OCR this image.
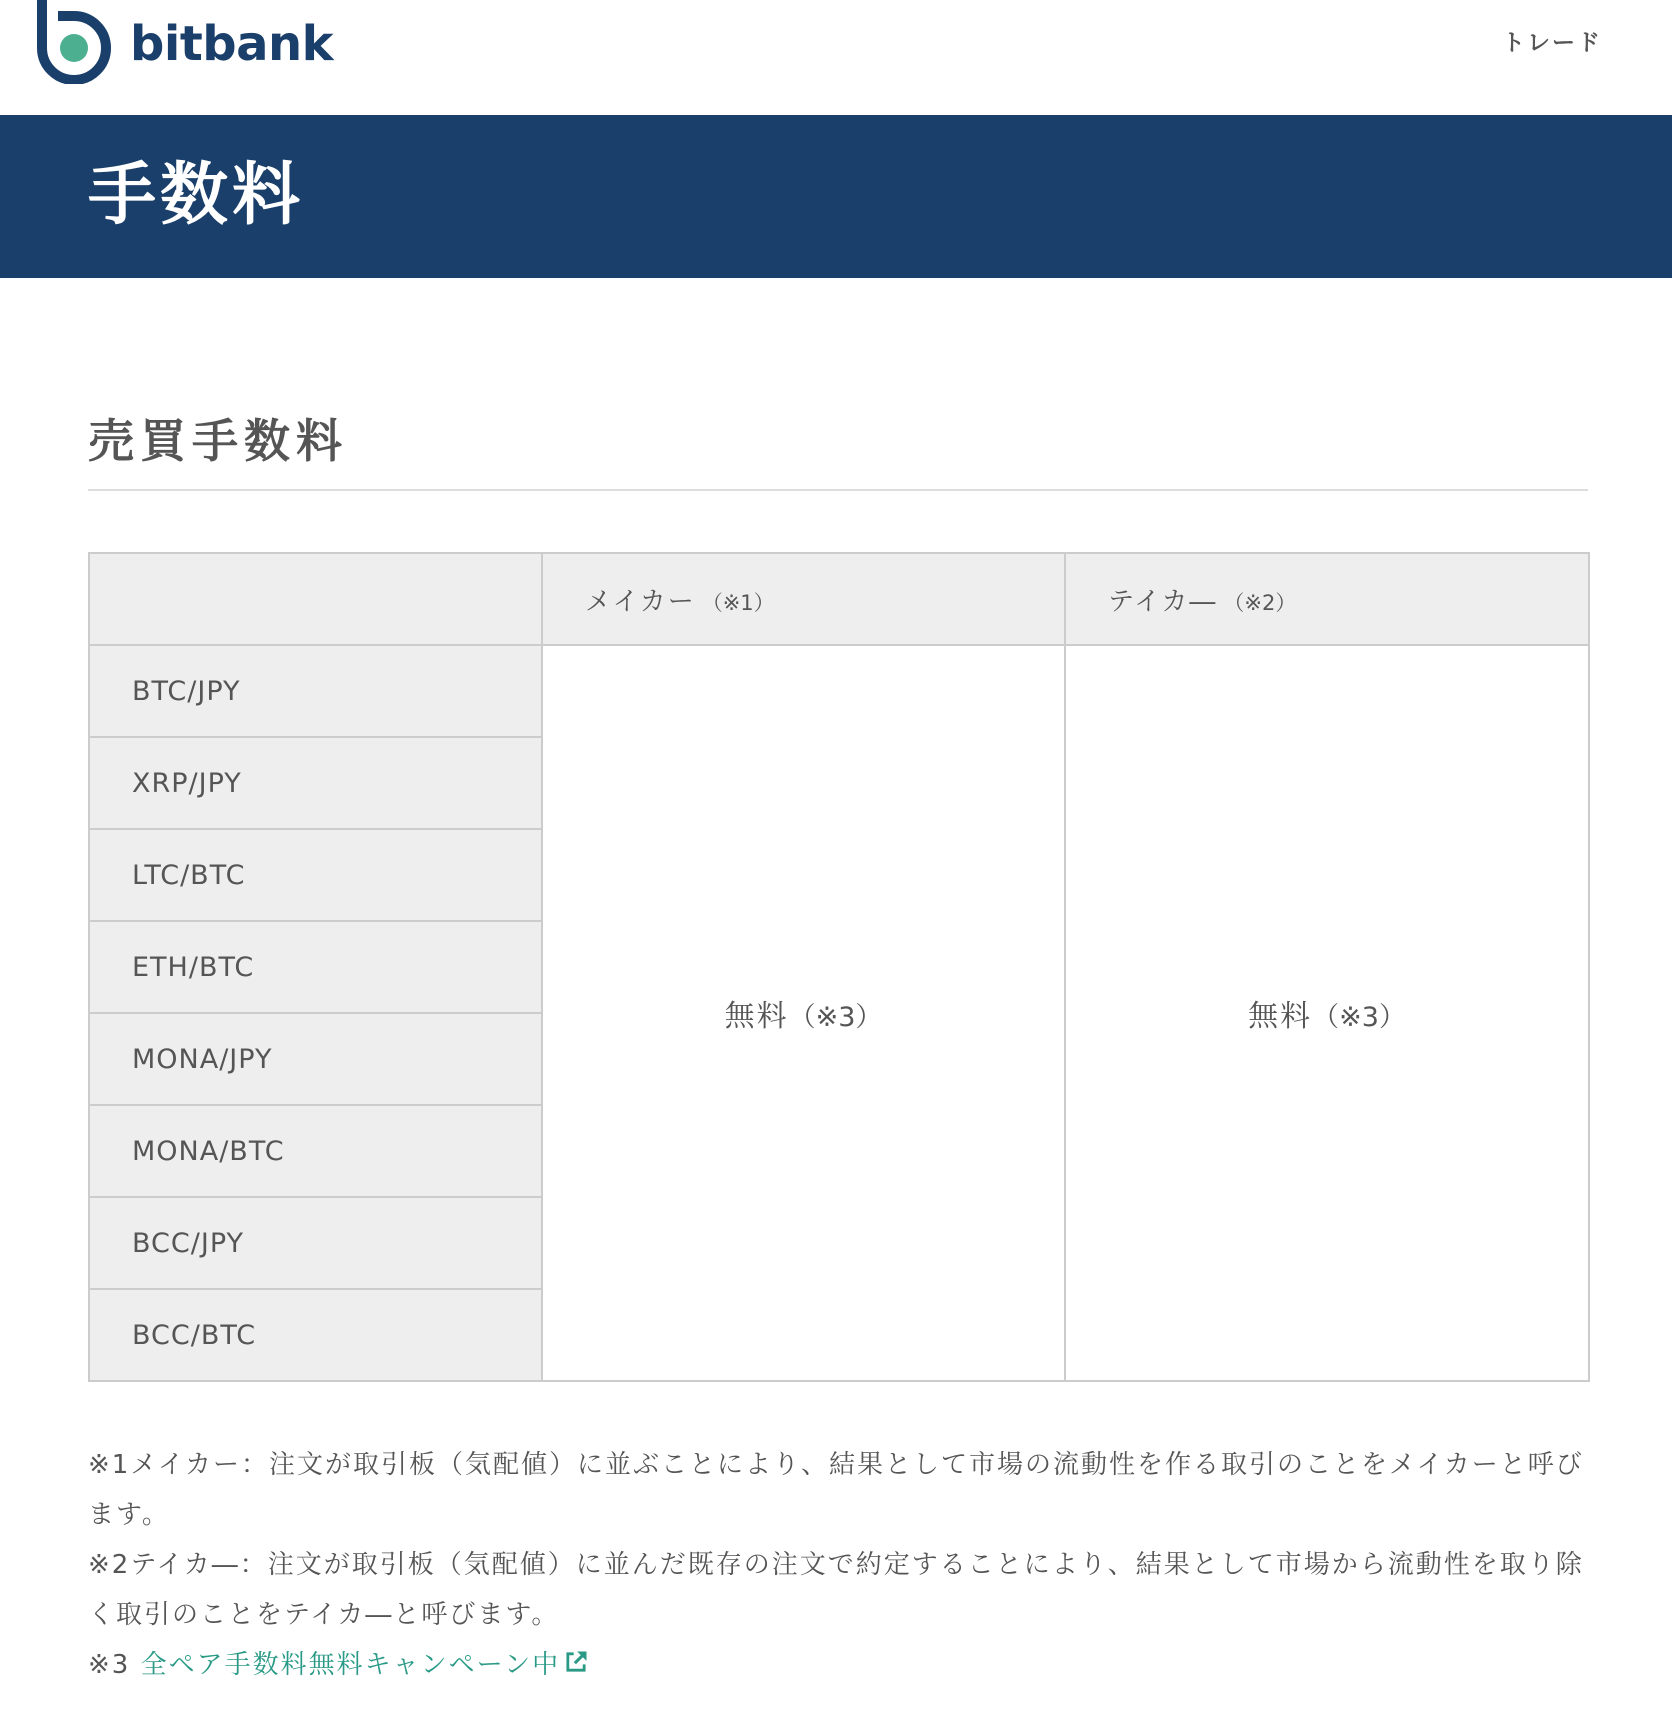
bitbank	トレード
手数料
売買手数料
	メイカー （※1）	テイカ― （※2）
BTC/JPY	無料（※3）	無料（※3）
XRP/JPY		
LTC/BTC		
ETH/BTC		
MONA/JPY		
MONA/BTC		
BCC/JPY		
BCC/BTC		

※1メイカー：注文が取引板（気配値）に並ぶことにより、結果として市場の流動性を作る取引のことをメイカーと呼びます。

※2テイカ―：注文が取引板（気配値）に並んだ既存の注文で約定することにより、結果として市場から流動性を取り除く取引のことをテイカ―と呼びます。

※3 全ペア手数料無料キャンペーン中
